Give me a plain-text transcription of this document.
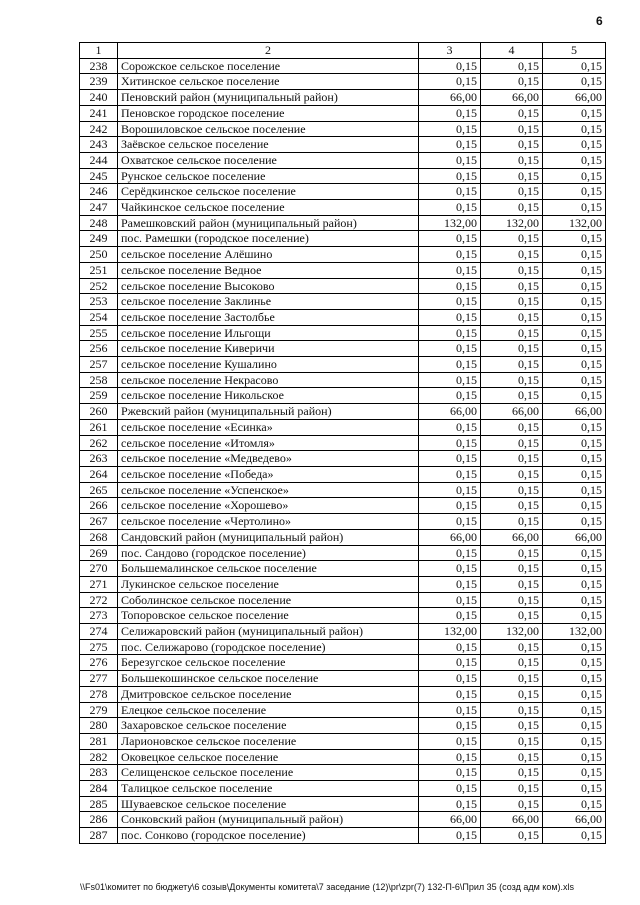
6
1	2	3	4	5
238	Сорожское сельское поселение	0,15	0,15	0,15
239	Хитинское сельское поселение	0,15	0,15	0,15
240	Пеновский район (муниципальный район)	66,00	66,00	66,00
241	Пеновское городское поселение	0,15	0,15	0,15
242	Ворошиловское сельское поселение	0,15	0,15	0,15
243	Заёвское сельское поселение	0,15	0,15	0,15
244	Охватское сельское поселение	0,15	0,15	0,15
245	Рунское сельское поселение	0,15	0,15	0,15
246	Серёдкинское сельское поселение	0,15	0,15	0,15
247	Чайкинское сельское поселение	0,15	0,15	0,15
248	Рамешковский район (муниципальный район)	132,00	132,00	132,00
249	пос. Рамешки (городское поселение)	0,15	0,15	0,15
250	сельское поселение Алёшино	0,15	0,15	0,15
251	сельское поселение Ведное	0,15	0,15	0,15
252	сельское поселение Высоково	0,15	0,15	0,15
253	сельское поселение Заклинье	0,15	0,15	0,15
254	сельское поселение Застолбье	0,15	0,15	0,15
255	сельское поселение Ильгощи	0,15	0,15	0,15
256	сельское поселение Киверичи	0,15	0,15	0,15
257	сельское поселение Кушалино	0,15	0,15	0,15
258	сельское поселение Некрасово	0,15	0,15	0,15
259	сельское поселение Никольское	0,15	0,15	0,15
260	Ржевский район (муниципальный район)	66,00	66,00	66,00
261	сельское поселение «Есинка»	0,15	0,15	0,15
262	сельское поселение «Итомля»	0,15	0,15	0,15
263	сельское поселение «Медведево»	0,15	0,15	0,15
264	сельское поселение «Победа»	0,15	0,15	0,15
265	сельское поселение «Успенское»	0,15	0,15	0,15
266	сельское поселение «Хорошево»	0,15	0,15	0,15
267	сельское поселение «Чертолино»	0,15	0,15	0,15
268	Сандовский район (муниципальный район)	66,00	66,00	66,00
269	пос. Сандово (городское поселение)	0,15	0,15	0,15
270	Большемалинское сельское поселение	0,15	0,15	0,15
271	Лукинское сельское поселение	0,15	0,15	0,15
272	Соболинское сельское поселение	0,15	0,15	0,15
273	Топоровское сельское поселение	0,15	0,15	0,15
274	Селижаровский район (муниципальный район)	132,00	132,00	132,00
275	пос. Селижарово (городское поселение)	0,15	0,15	0,15
276	Березугское сельское поселение	0,15	0,15	0,15
277	Большекошинское сельское поселение	0,15	0,15	0,15
278	Дмитровское сельское поселение	0,15	0,15	0,15
279	Елецкое сельское поселение	0,15	0,15	0,15
280	Захаровское сельское поселение	0,15	0,15	0,15
281	Ларионовское сельское поселение	0,15	0,15	0,15
282	Оковецкое сельское поселение	0,15	0,15	0,15
283	Селищенское сельское поселение	0,15	0,15	0,15
284	Талицкое сельское поселение	0,15	0,15	0,15
285	Шуваевское сельское поселение	0,15	0,15	0,15
286	Сонковский район (муниципальный район)	66,00	66,00	66,00
287	пос. Сонково (городское поселение)	0,15	0,15	0,15
\\Fs01\комитет по бюджету\6 созыв\Документы комитета\7 заседание (12)\pr\zpr(7) 132-П-6\Прил 35 (созд адм ком).xls
